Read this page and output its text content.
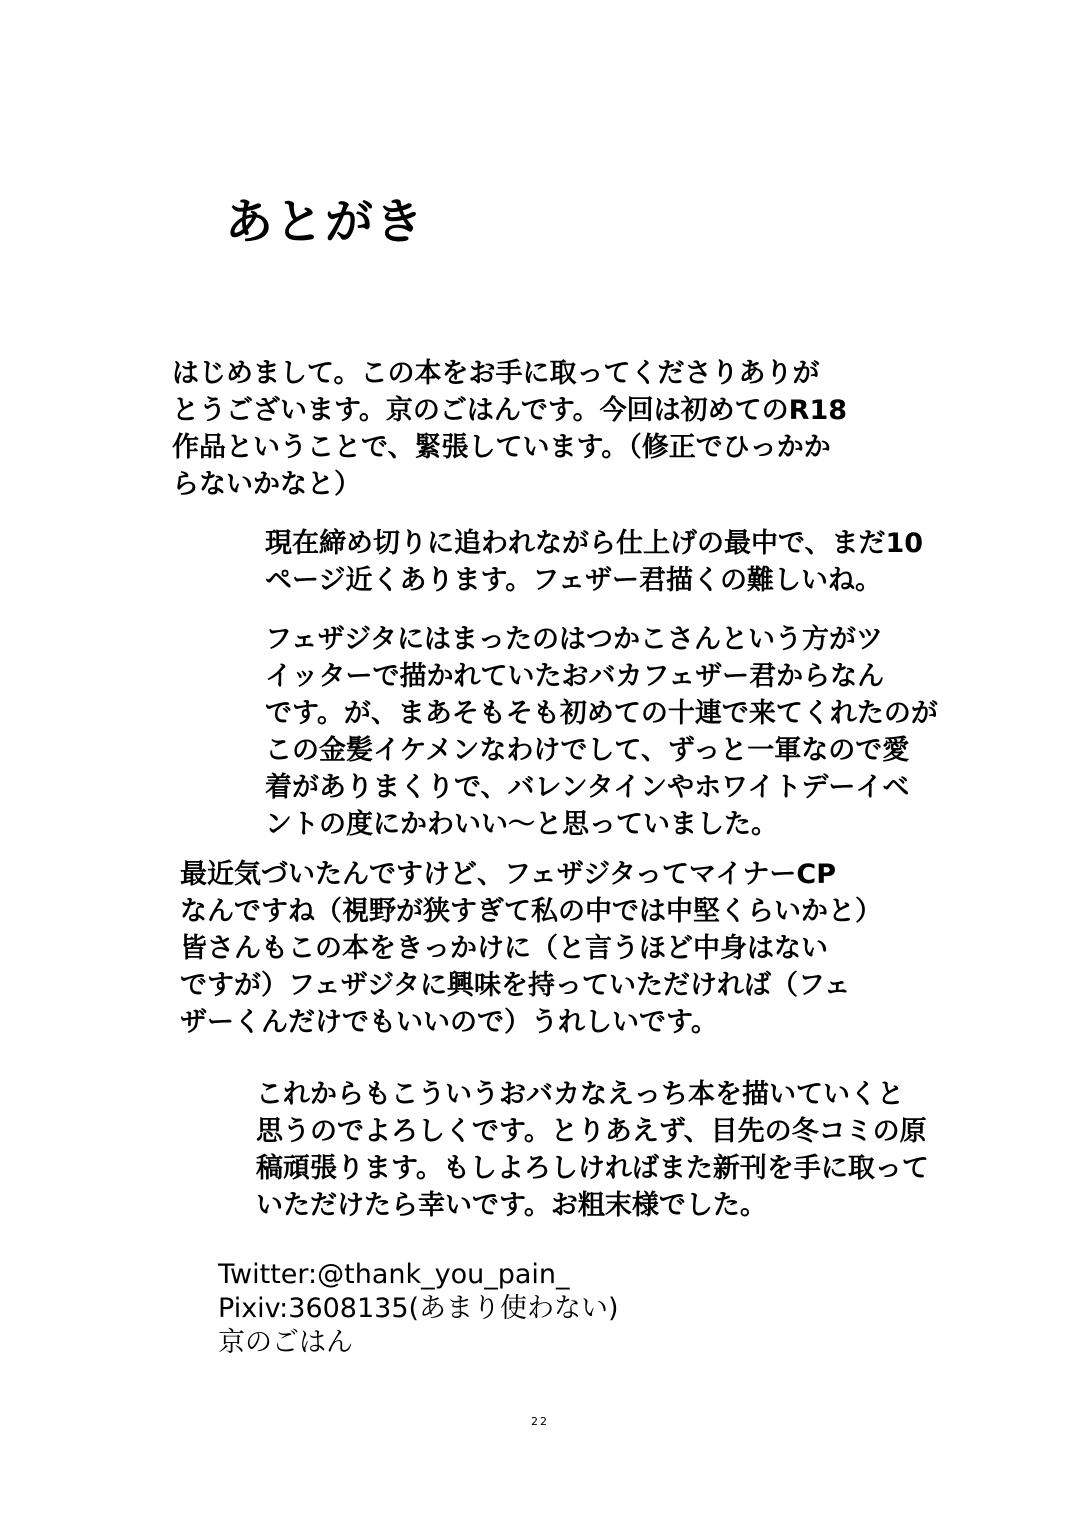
あとがき

はじめまして。この本をお手に取ってくださりありが
とうございます。京のごはんです。今回は初めてのR18
作品ということで、緊張しています。（修正でひっかか
らないかなと）

現在締め切りに追われながら仕上げの最中で、まだ10
ページ近くあります。フェザー君描くの難しいね。

フェザジタにはまったのはつかこさんという方がツ
イッターで描かれていたおバカフェザー君からなん
です。が、まあそもそも初めての十連で来てくれたのが
この金髪イケメンなわけでして、ずっと一軍なので愛
着がありまくりで、バレンタインやホワイトデーイベ
ントの度にかわいい～と思っていました。

最近気づいたんですけど、フェザジタってマイナーCP
なんですね（視野が狭すぎて私の中では中堅くらいかと）
皆さんもこの本をきっかけに（と言うほど中身はない
ですが）フェザジタに興味を持っていただければ（フェ
ザーくんだけでもいいので）うれしいです。

これからもこういうおバカなえっち本を描いていくと
思うのでよろしくです。とりあえず、目先の冬コミの原
稿頑張ります。もしよろしければまた新刊を手に取って
いただけたら幸いです。お粗末様でした。

Twitter:@thank_you_pain_
Pixiv:3608135(あまり使わない)
京のごはん

22
